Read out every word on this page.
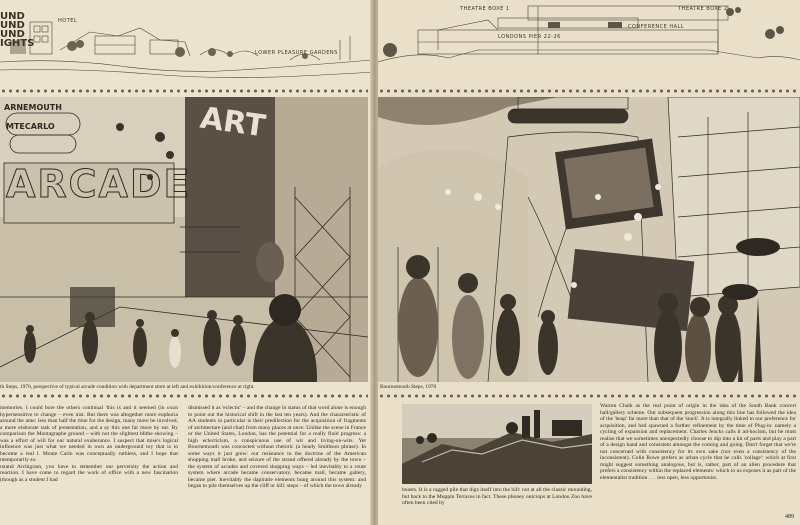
UND
UND
UND
IGHTS
HOTEL
LOWER PLEASURE GARDENS
ARNEMOUTH
MTECARLO
ARCADE
ART
th Steps, 1970, perspective of typical arcade condition with department store at left and exhibition/conference at right.

memories. I could bore the others continual 'this is and it seemed (in oxon hypersensitive to change – even nist. But there was altogether more euphoria around the ame: less than half the time for the design, many more be involved, a more elaborate task of presentation, and a ay this one far more by ear. By comparison the Montagraphe ground – with not the slightest blithe showing – was a effort of will for our natural exuberance. I suspect that mise's logical influence was just what we needed in own an underground toy that is to become a real l. Monte Carlo was conceptually ruthless, and I hope that ntemporarily so.
rstand Archigram, you have to remember our perversity the action and reaction. I have come to regard the work of office with a new fascination (though as a student I had

dismissed it as 'eclectic' – and the change in status of that word alone is enough to point out the historical shift in the last ten years). And the characteristic of AA students in particular is their predilection for the acquisition of fragments of architecture (and chat) from many places at once. Unlike the scene in France or the United States, London, has the potential for a really fluid progress: a high eclecticism, a conspicuous use of wit and living-on-wits. Yet Bournemouth was concocted without rhetoric (a heady Smithson phrase). In some ways it just grew: our resistance to the doctrine of the American shopping mall broke, and seizure of the strand offered already by the town – the system of arcades and covered shopping ways – led inevitably to a route system where arcade became conservatory, became mall, became gallery, became pier. Inevitably the dapiratie elements hung around this system: and began to pile themselves up the cliff or hill: steps – of which the town already

THEATRE BOXE 1	THEATRE BOXE 2
LONDONS PIER 22-26
CONFERENCE HALL
Bournemouth Steps, 1970

boasts. It is a ragged pile that digs itself into the hill: not at all the classic mounding, but back to the Muppin Terraces in fact. These phoney outcrops at London Zoo have often been cited by

Warren Chalk as the real point of origin in the idea of the South Bank concert hall/gallery scheme. Our subsequent progression along this line has followed the idea of the 'heap' far more than that of the 'stack'. It is integrally linked to our preference for acquisition, and had spawned a further refinement by the time of Plug-in: namely a cycling of expansion and replacement. Charles Jencks calls it ad-hocism, but he must realise that we sometimes unexpectedly choose to dip into a kit of parts and play a part of a design hand and consistent amongst the coming and going. Don't forget that we're not concerned with consistency for its own sake (nor even a consistency of the inconsistent). Colin Rowe prefers as urban cycle that he calls 'collage': which at first might suggest something analogous, but is, rather, part of an alien procedure that prefers a consistency within the replaced elements: which to us exposes it as part of the elementalist tradition . . . less open, less opportunist.

489
